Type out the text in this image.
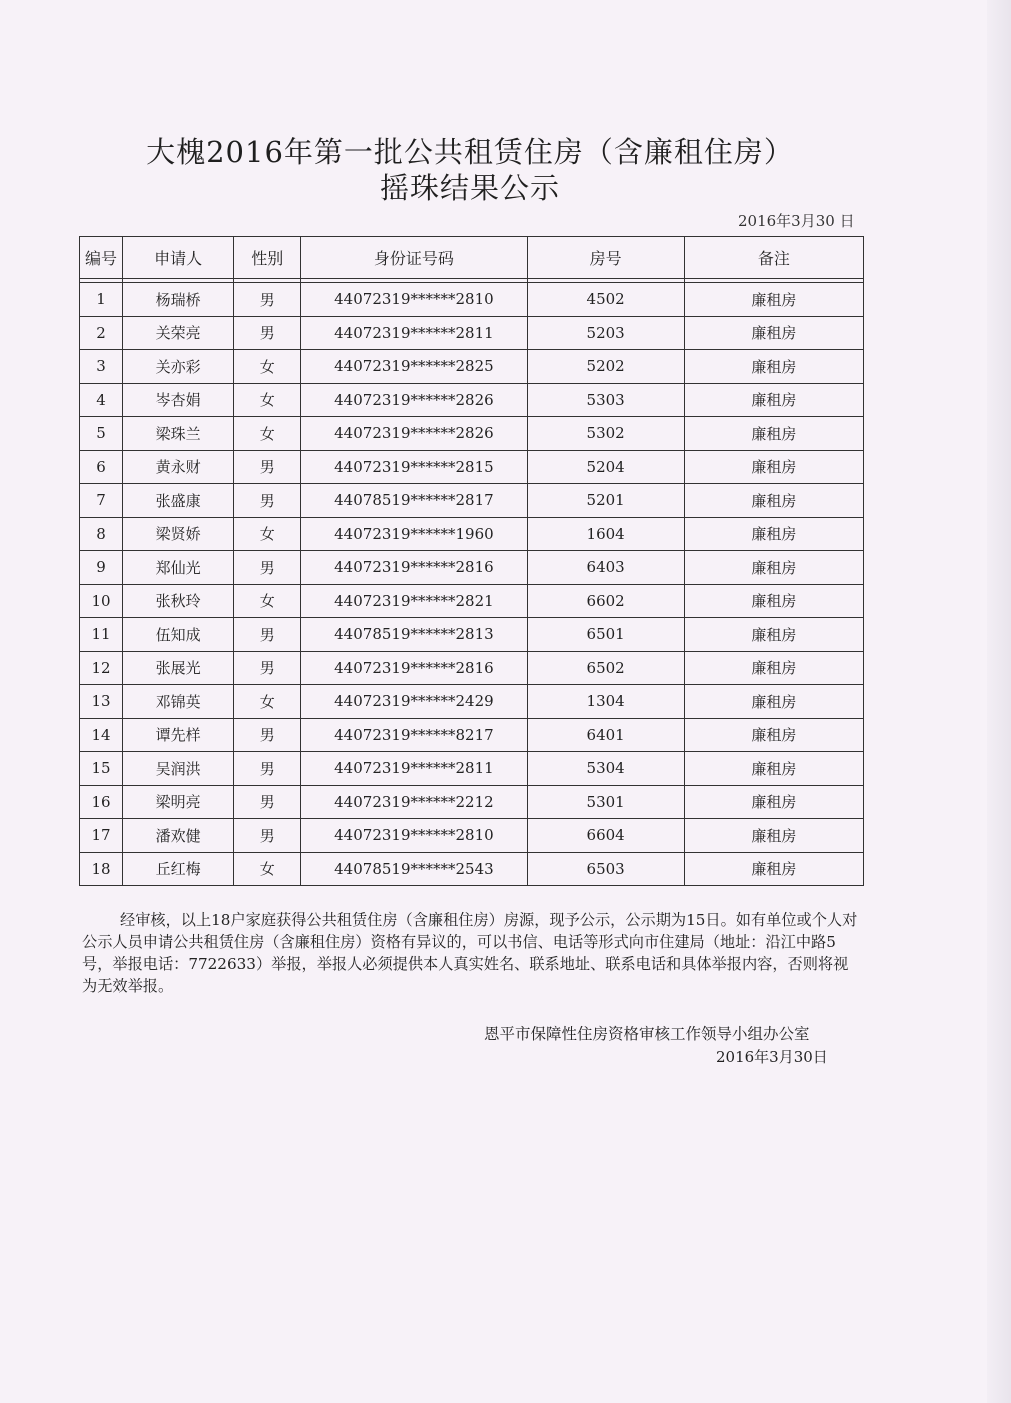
大槐2016年第一批公共租赁住房（含廉租住房）
摇珠结果公示
2016年3月30 日
编号	申请人	性别	身份证号码	房号	备注

1	杨瑞桥	男	44072319******2810	4502	廉租房
2	关荣亮	男	44072319******2811	5203	廉租房
3	关亦彩	女	44072319******2825	5202	廉租房
4	岑杏娟	女	44072319******2826	5303	廉租房
5	梁珠兰	女	44072319******2826	5302	廉租房
6	黄永财	男	44072319******2815	5204	廉租房
7	张盛康	男	44078519******2817	5201	廉租房
8	梁贤娇	女	44072319******1960	1604	廉租房
9	郑仙光	男	44072319******2816	6403	廉租房
10	张秋玲	女	44072319******2821	6602	廉租房
11	伍知成	男	44078519******2813	6501	廉租房
12	张展光	男	44072319******2816	6502	廉租房
13	邓锦英	女	44072319******2429	1304	廉租房
14	谭先样	男	44072319******8217	6401	廉租房
15	吴润洪	男	44072319******2811	5304	廉租房
16	梁明亮	男	44072319******2212	5301	廉租房
17	潘欢健	男	44072319******2810	6604	廉租房
18	丘红梅	女	44078519******2543	6503	廉租房
经审核，以上18户家庭获得公共租赁住房（含廉租住房）房源，现予公示，公示期为15日。如有单位或个人对公示人员申请公共租赁住房（含廉租住房）资格有异议的，可以书信、电话等形式向市住建局（地址：沿江中路5号，举报电话：7722633）举报，举报人必须提供本人真实姓名、联系地址、联系电话和具体举报内容，否则将视为无效举报。
恩平市保障性住房资格审核工作领导小组办公室
2016年3月30日
